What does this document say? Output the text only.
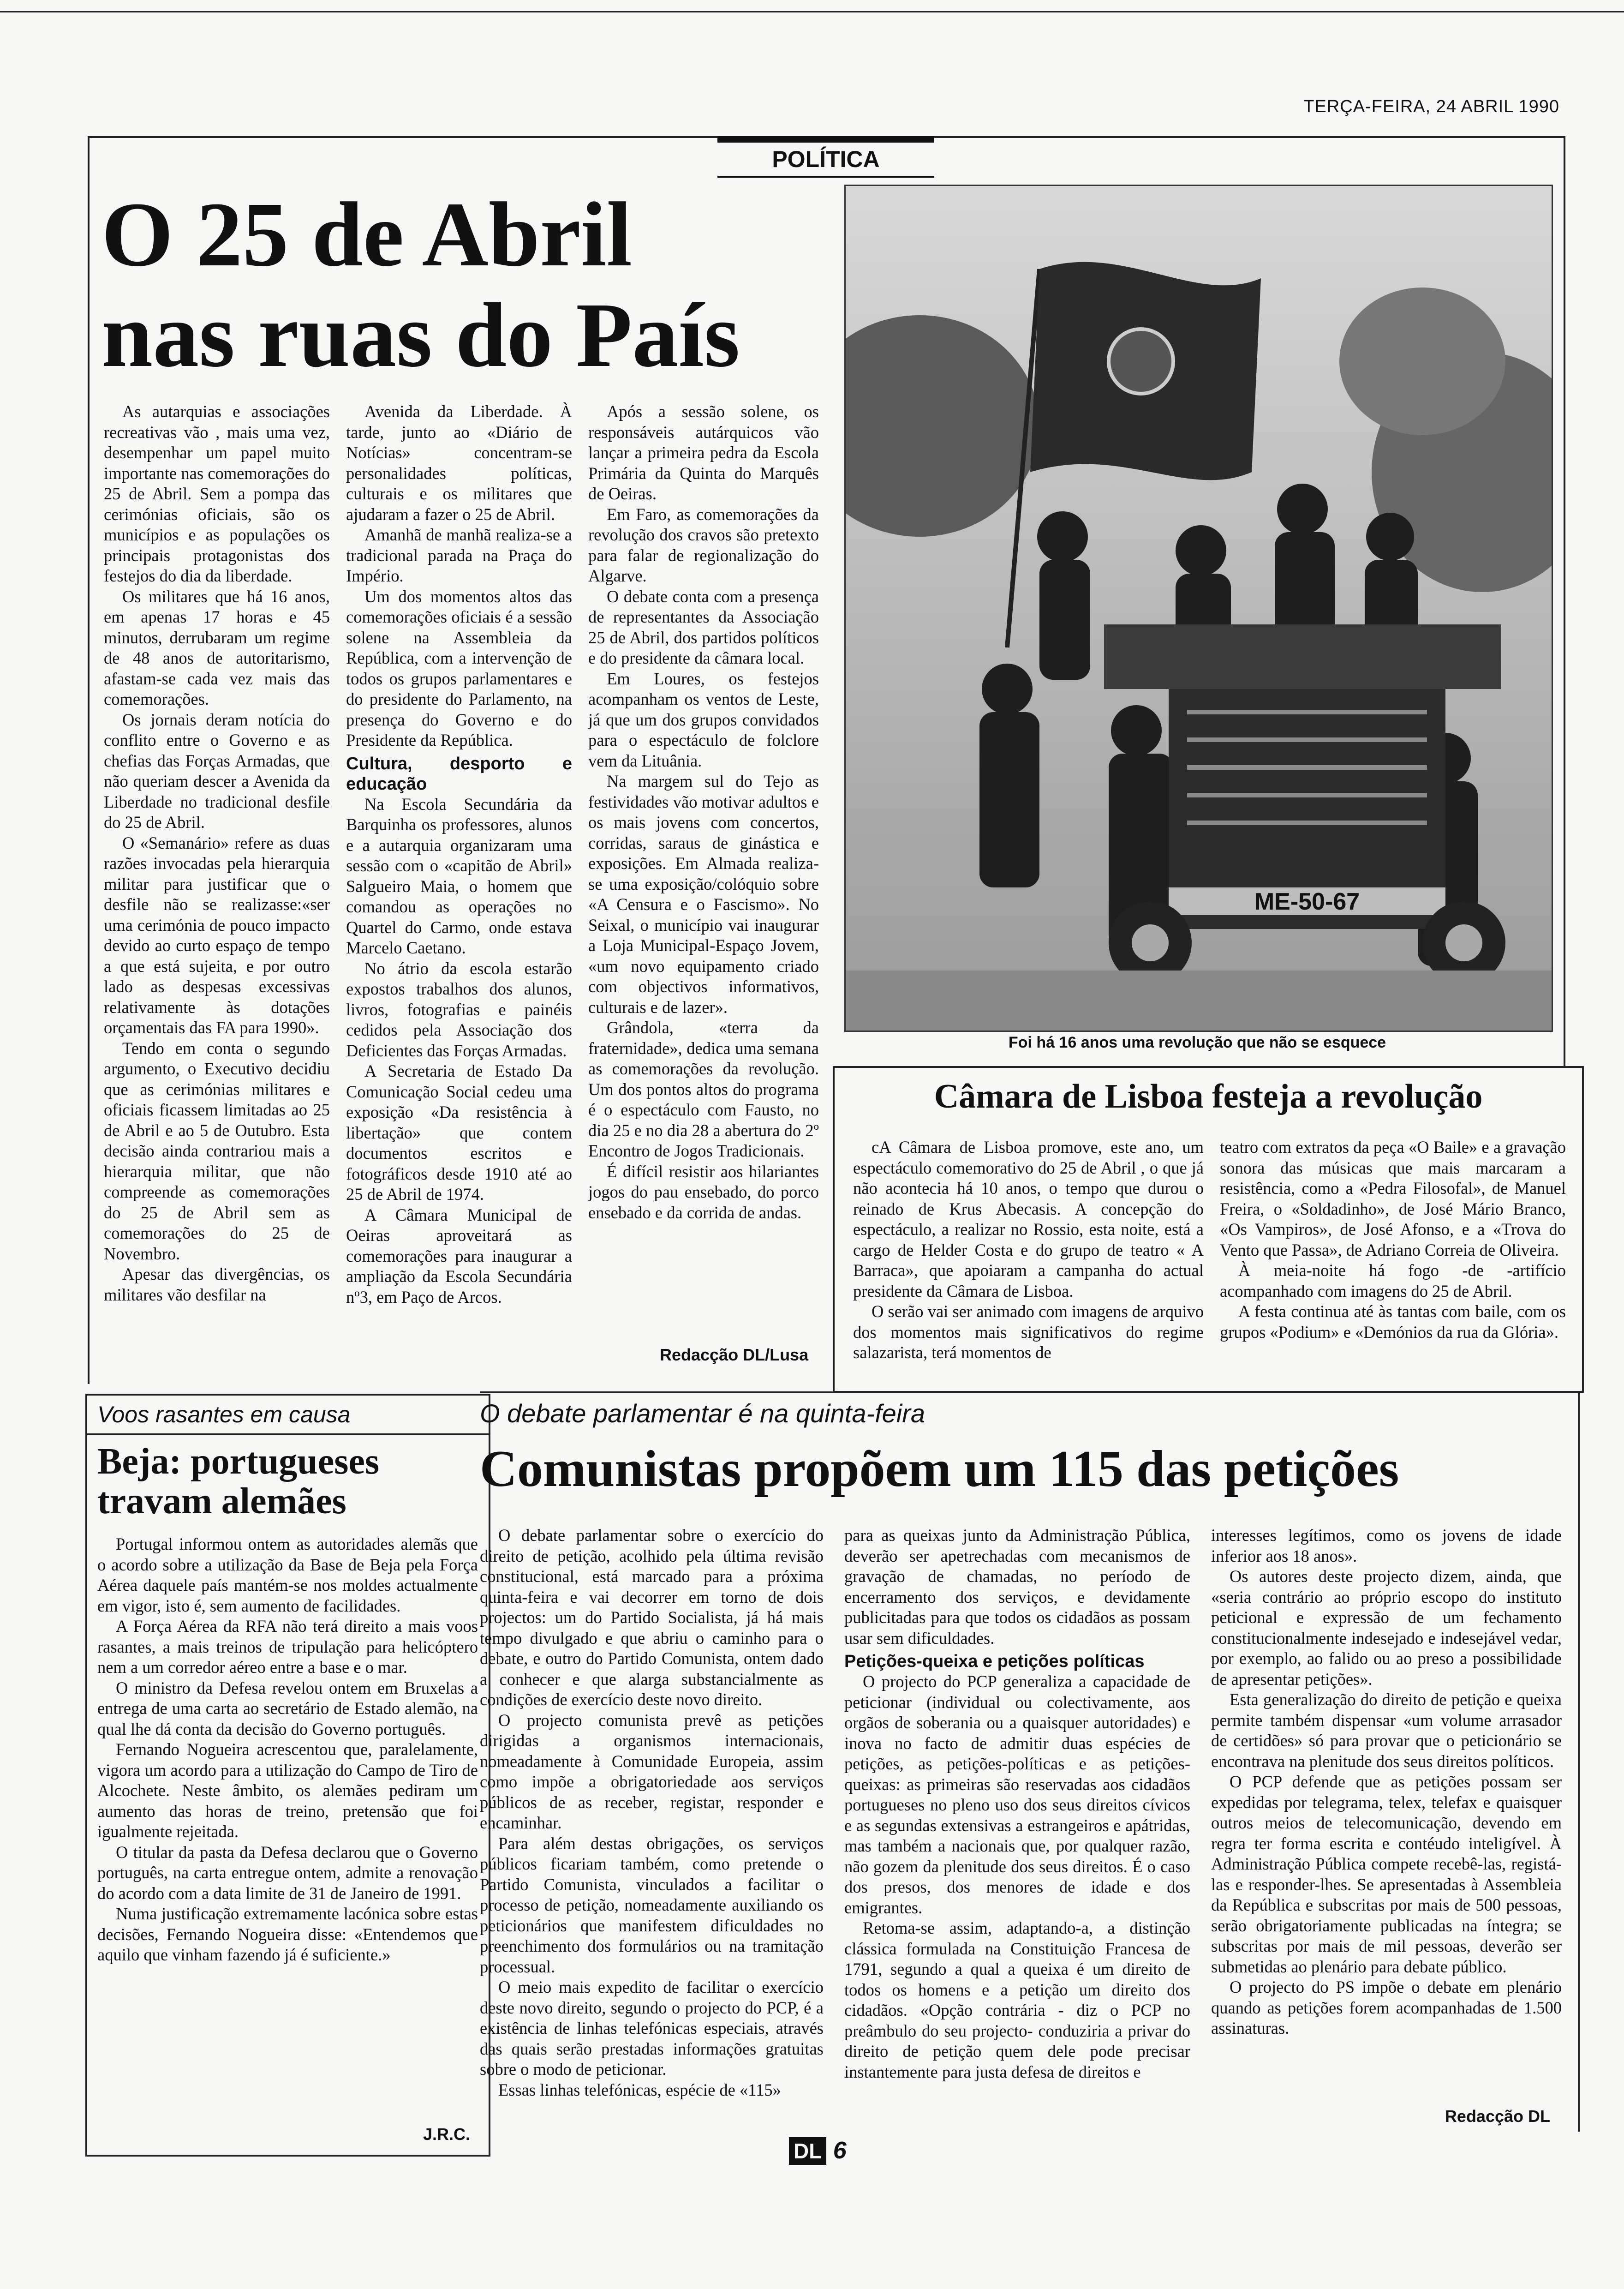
TERÇA-FEIRA, 24 ABRIL 1990
POLÍTICA
O 25 de Abril
nas ruas do País

As autarquias e associações recreativas vão , mais uma vez, desempenhar um papel muito importante nas comemorações do 25 de Abril. Sem a pompa das cerimónias oficiais, são os municípios e as populações os principais protagonistas dos festejos do dia da liberdade.

Os militares que há 16 anos, em apenas 17 horas e 45 minutos, derrubaram um regime de 48 anos de autoritarismo, afastam-se cada vez mais das comemorações.

Os jornais deram notícia do conflito entre o Governo e as chefias das Forças Armadas, que não queriam descer a Avenida da Liberdade no tradicional desfile do 25 de Abril.

O «Semanário» refere as duas razões invocadas pela hierarquia militar para justificar que o desfile não se realizasse:«ser uma cerimónia de pouco impacto devido ao curto espaço de tempo a que está sujeita, e por outro lado as despesas excessivas relativamente às dotações orçamentais das FA para 1990».

Tendo em conta o segundo argumento, o Executivo decidiu que as cerimónias militares e oficiais ficassem limitadas ao 25 de Abril e ao 5 de Outubro. Esta decisão ainda contrariou mais a hierarquia militar, que não compreende as comemorações do 25 de Abril sem as comemorações do 25 de Novembro.

Apesar das divergências, os militares vão desfilar na

Avenida da Liberdade. À tarde, junto ao «Diário de Notícias» concentram-se personalidades políticas, culturais e os militares que ajudaram a fazer o 25 de Abril.

Amanhã de manhã realiza-se a tradicional parada na Praça do Império.

Um dos momentos altos das comemorações oficiais é a sessão solene na Assembleia da República, com a intervenção de todos os grupos parlamentares e do presidente do Parlamento, na presença do Governo e do Presidente da República.

Cultura, desporto e educação

Na Escola Secundária da Barquinha os professores, alunos e a autarquia organizaram uma sessão com o «capitão de Abril» Salgueiro Maia, o homem que comandou as operações no Quartel do Carmo, onde estava Marcelo Caetano.

No átrio da escola estarão expostos trabalhos dos alunos, livros, fotografias e painéis cedidos pela Associação dos Deficientes das Forças Armadas.

A Secretaria de Estado Da Comunicação Social cedeu uma exposição «Da resistência à libertação» que contem documentos escritos e fotográficos desde 1910 até ao 25 de Abril de 1974.

A Câmara Municipal de Oeiras aproveitará as comemorações para inaugurar a ampliação da Escola Secundária nº3, em Paço de Arcos.

Após a sessão solene, os responsáveis autárquicos vão lançar a primeira pedra da Escola Primária da Quinta do Marquês de Oeiras.

Em Faro, as comemorações da revolução dos cravos são pretexto para falar de regionalização do Algarve.

O debate conta com a presença de representantes da Associação 25 de Abril, dos partidos políticos e do presidente da câmara local.

Em Loures, os festejos acompanham os ventos de Leste, já que um dos grupos convidados para o espectáculo de folclore vem da Lituânia.

Na margem sul do Tejo as festividades vão motivar adultos e os mais jovens com concertos, corridas, saraus de ginástica e exposições. Em Almada realiza-se uma exposição/colóquio sobre «A Censura e o Fascismo». No Seixal, o município vai inaugurar a Loja Municipal-Espaço Jovem, «um novo equipamento criado com objectivos informativos, culturais e de lazer».

Grândola, «terra da fraternidade», dedica uma semana as comemorações da revolução. Um dos pontos altos do programa é o espectáculo com Fausto, no dia 25 e no dia 28 a abertura do 2º Encontro de Jogos Tradicionais.

É difícil resistir aos hilariantes jogos do pau ensebado, do porco ensebado e da corrida de andas.

Redacção DL/Lusa
ME-50-67
Foi há 16 anos uma revolução que não se esquece
Câmara de Lisboa festeja a revolução

cA Câmara de Lisboa promove, este ano, um espectáculo comemorativo do 25 de Abril , o que já não acontecia há 10 anos, o tempo que durou o reinado de Krus Abecasis. A concepção do espectáculo, a realizar no Rossio, esta noite, está a cargo de Helder Costa e do grupo de teatro « A Barraca», que apoiaram a campanha do actual presidente da Câmara de Lisboa.

O serão vai ser animado com imagens de arquivo dos momentos mais significativos do regime salazarista, terá momentos de

teatro com extratos da peça «O Baile» e a gravação sonora das músicas que mais marcaram a resistência, como a «Pedra Filosofal», de Manuel Freira, o «Soldadinho», de José Mário Branco, «Os Vampiros», de José Afonso, e a «Trova do Vento que Passa», de Adriano Correia de Oliveira.

À meia-noite há fogo -de -artifício acompanhado com imagens do 25 de Abril.

A festa continua até às tantas com baile, com os grupos «Podium» e «Demónios da rua da Glória».

Voos rasantes em causa
Beja: portugueses
travam alemães

Portugal informou ontem as autoridades alemãs que o acordo sobre a utilização da Base de Beja pela Força Aérea daquele país mantém-se nos moldes actualmente em vigor, isto é, sem aumento de facilidades.

A Força Aérea da RFA não terá direito a mais voos rasantes, a mais treinos de tripulação para helicóptero nem a um corredor aéreo entre a base e o mar.

O ministro da Defesa revelou ontem em Bruxelas a entrega de uma carta ao secretário de Estado alemão, na qual lhe dá conta da decisão do Governo português.

Fernando Nogueira acrescentou que, paralelamente, vigora um acordo para a utilização do Campo de Tiro de Alcochete. Neste âmbito, os alemães pediram um aumento das horas de treino, pretensão que foi igualmente rejeitada.

O titular da pasta da Defesa declarou que o Governo português, na carta entregue ontem, admite a renovação do acordo com a data limite de 31 de Janeiro de 1991.

Numa justificação extremamente lacónica sobre estas decisões, Fernando Nogueira disse: «Entendemos que aquilo que vinham fazendo já é suficiente.»

J.R.C.
O debate parlamentar é na quinta-feira
Comunistas propõem um 115 das petições

O debate parlamentar sobre o exercício do direito de petição, acolhido pela última revisão constitucional, está marcado para a próxima quinta-feira e vai decorrer em torno de dois projectos: um do Partido Socialista, já há mais tempo divulgado e que abriu o caminho para o debate, e outro do Partido Comunista, ontem dado a conhecer e que alarga substancialmente as condições de exercício deste novo direito.

O projecto comunista prevê as petições dirigidas a organismos internacionais, nomeadamente à Comunidade Europeia, assim como impõe a obrigatoriedade aos serviços públicos de as receber, registar, responder e encaminhar.

Para além destas obrigações, os serviços públicos ficariam também, como pretende o Partido Comunista, vinculados a facilitar o processo de petição, nomeadamente auxiliando os peticionários que manifestem dificuldades no preenchimento dos formulários ou na tramitação processual.

O meio mais expedito de facilitar o exercício deste novo direito, segundo o projecto do PCP, é a existência de linhas telefónicas especiais, através das quais serão prestadas informações gratuitas sobre o modo de peticionar.

Essas linhas telefónicas, espécie de «115»

para as queixas junto da Administração Pública, deverão ser apetrechadas com mecanismos de gravação de chamadas, no período de encerramento dos serviços, e devidamente publicitadas para que todos os cidadãos as possam usar sem dificuldades.

Petições-queixa e petições políticas

O projecto do PCP generaliza a capacidade de peticionar (individual ou colectivamente, aos orgãos de soberania ou a quaisquer autoridades) e inova no facto de admitir duas espécies de petições, as petições-políticas e as petições-queixas: as primeiras são reservadas aos cidadãos portugueses no pleno uso dos seus direitos cívicos e as segundas extensivas a estrangeiros e apátridas, mas também a nacionais que, por qualquer razão, não gozem da plenitude dos seus direitos. É o caso dos presos, dos menores de idade e dos emigrantes.

Retoma-se assim, adaptando-a, a distinção clássica formulada na Constituição Francesa de 1791, segundo a qual a queixa é um direito de todos os homens e a petição um direito dos cidadãos. «Opção contrária - diz o PCP no preâmbulo do seu projecto- conduziria a privar do direito de petição quem dele pode precisar instantemente para justa defesa de direitos e

interesses legítimos, como os jovens de idade inferior aos 18 anos».

Os autores deste projecto dizem, ainda, que «seria contrário ao próprio escopo do instituto peticional e expressão de um fechamento constitucionalmente indesejado e indesejável vedar, por exemplo, ao falido ou ao preso a possibilidade de apresentar petições».

Esta generalização do direito de petição e queixa permite também dispensar «um volume arrasador de certidões» só para provar que o peticionário se encontrava na plenitude dos seus direitos políticos.

O PCP defende que as petições possam ser expedidas por telegrama, telex, telefax e quaisquer outros meios de telecomunicação, devendo em regra ter forma escrita e contéudo inteligível. À Administração Pública compete recebê-las, registá-las e responder-lhes. Se apresentadas à Assembleia da República e subscritas por mais de 500 pessoas, serão obrigatoriamente publicadas na íntegra; se subscritas por mais de mil pessoas, deverão ser submetidas ao plenário para debate público.

O projecto do PS impõe o debate em plenário quando as petições forem acompanhadas de 1.500 assinaturas.

Redacção DL
DL 6
